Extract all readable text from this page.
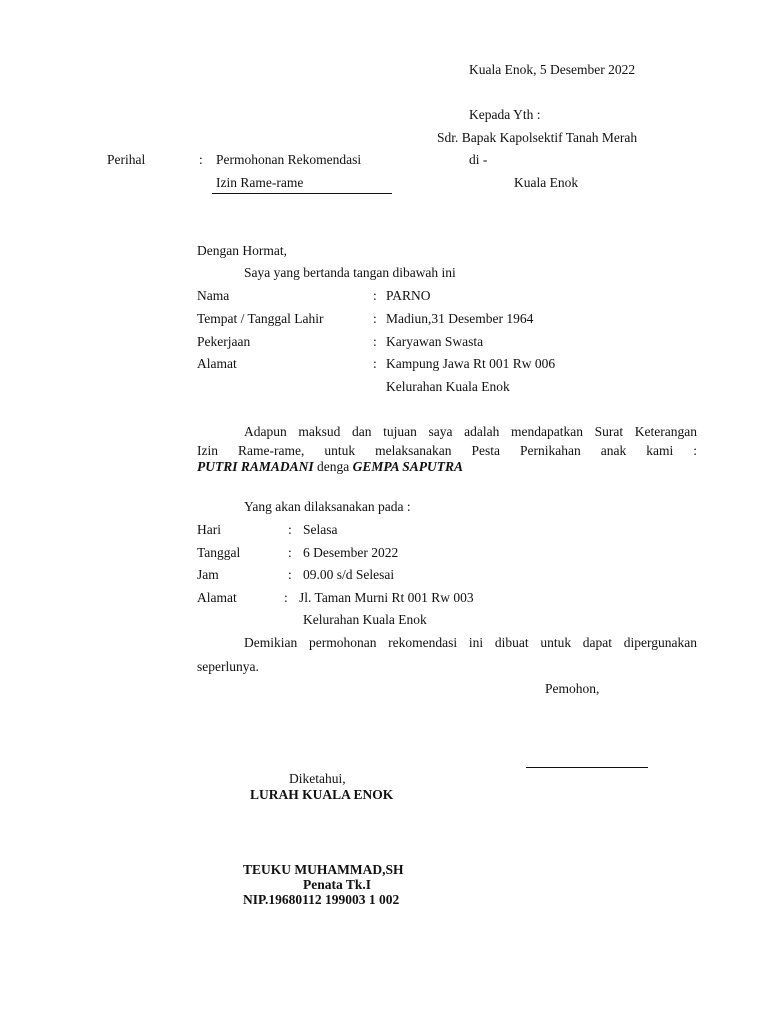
Kuala Enok, 5 Desember 2022
Kepada Yth :
Sdr. Bapak Kapolsektif Tanah Merah
di -
Kuala Enok
Perihal	: Permohonan Rekomendasi
Izin Rame-rame
Dengan Hormat,
Saya yang bertanda tangan dibawah ini
Nama	: PARNO
Tempat / Tanggal Lahir	: Madiun,31 Desember 1964
Pekerjaan	: Karyawan Swasta
Alamat	: Kampung Jawa Rt 001 Rw 006
Kelurahan Kuala Enok
Adapun maksud dan tujuan saya adalah mendapatkan Surat Keterangan
Izin Rame-rame, untuk melaksanakan Pesta Pernikahan anak kami :
PUTRI RAMADANI denga GEMPA SAPUTRA
Yang akan dilaksanakan pada :
Hari	: Selasa
Tanggal	: 6 Desember 2022
Jam	: 09.00 s/d Selesai
Alamat	: Jl. Taman Murni Rt 001 Rw 003
Kelurahan Kuala Enok
Demikian permohonan rekomendasi ini dibuat untuk dapat dipergunakan
seperlunya.
Pemohon,
Diketahui,
LURAH KUALA ENOK
TEUKU MUHAMMAD,SH
Penata Tk.I
NIP.19680112 199003 1 002
